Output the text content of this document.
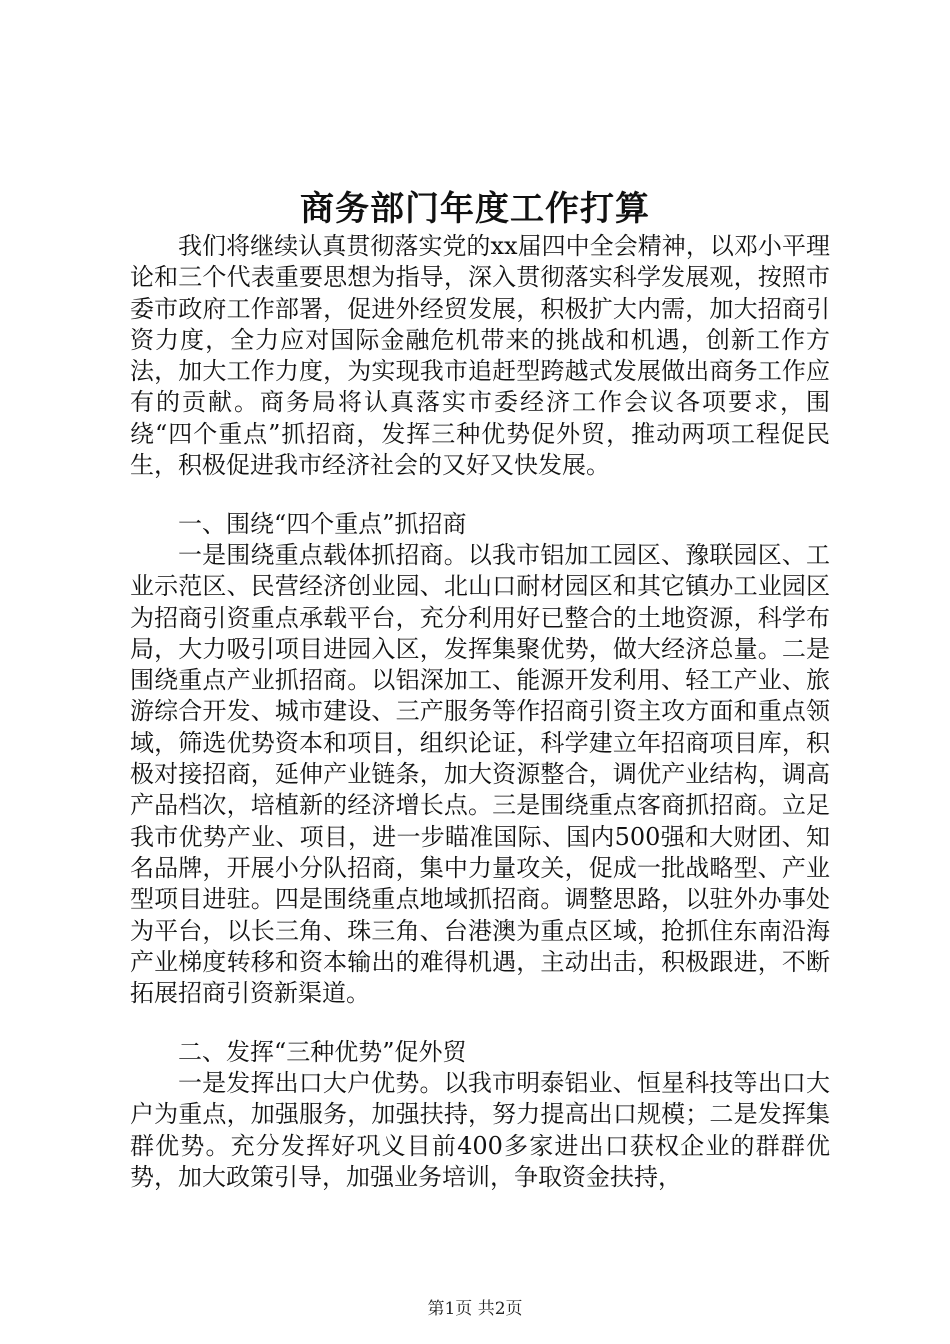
商务部门年度工作打算
我们将继续认真贯彻落实党的xx届四中全会精神，以邓小平理论和三个代表重要思想为指导，深入贯彻落实科学发展观，按照市委市政府工作部署，促进外经贸发展，积极扩大内需，加大招商引资力度，全力应对国际金融危机带来的挑战和机遇，创新工作方法，加大工作力度，为实现我市追赶型跨越式发展做出商务工作应有的贡献。商务局将认真落实市委经济工作会议各项要求，围绕“四个重点”抓招商，发挥三种优势促外贸，推动两项工程促民生，积极促进我市经济社会的又好又快发展。
一、围绕“四个重点”抓招商
一是围绕重点载体抓招商。以我市铝加工园区、豫联园区、工业示范区、民营经济创业园、北山口耐材园区和其它镇办工业园区为招商引资重点承载平台，充分利用好已整合的土地资源，科学布局，大力吸引项目进园入区，发挥集聚优势，做大经济总量。二是围绕重点产业抓招商。以铝深加工、能源开发利用、轻工产业、旅游综合开发、城市建设、三产服务等作招商引资主攻方面和重点领域，筛选优势资本和项目，组织论证，科学建立年招商项目库，积极对接招商，延伸产业链条，加大资源整合，调优产业结构，调高产品档次，培植新的经济增长点。三是围绕重点客商抓招商。立足我市优势产业、项目，进一步瞄准国际、国内500强和大财团、知名品牌，开展小分队招商，集中力量攻关，促成一批战略型、产业型项目进驻。四是围绕重点地域抓招商。调整思路，以驻外办事处为平台，以长三角、珠三角、台港澳为重点区域，抢抓住东南沿海产业梯度转移和资本输出的难得机遇，主动出击，积极跟进，不断拓展招商引资新渠道。
二、发挥“三种优势”促外贸
一是发挥出口大户优势。以我市明泰铝业、恒星科技等出口大户为重点，加强服务，加强扶持，努力提高出口规模；二是发挥集群优势。充分发挥好巩义目前400多家进出口获权企业的群群优势，加大政策引导，加强业务培训，争取资金扶持，
第1页 共2页
